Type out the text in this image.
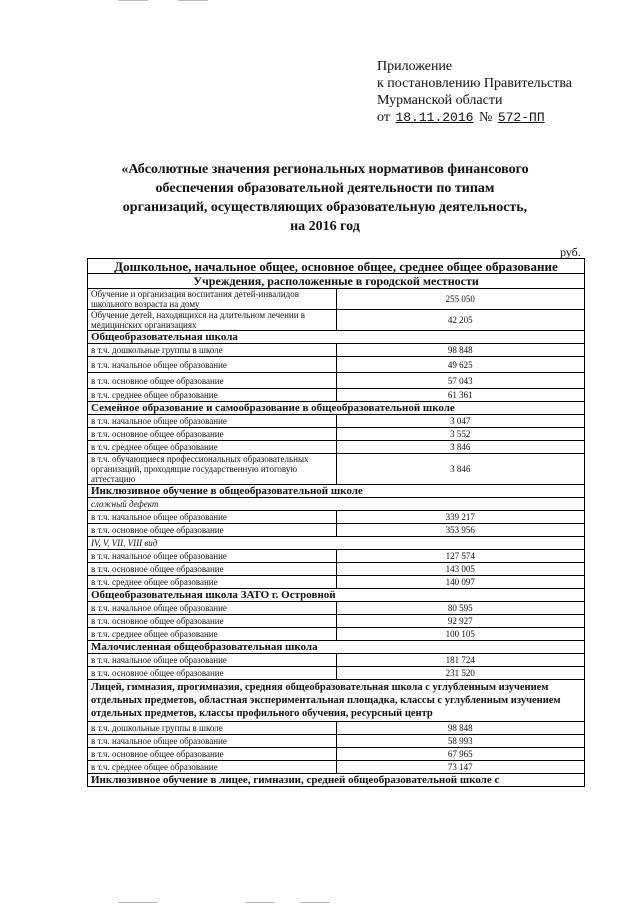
Приложение
к постановлению Правительства
Мурманской области
от 18.11.2016 № 572-ПП
«Абсолютные значения региональных нормативов финансового
обеспечения образовательной деятельности по типам
организаций, осуществляющих образовательную деятельность,
на 2016 год
руб.
Дошкольное, начальное общее, основное общее, среднее общее образование	
Учреждения, расположенные в городской местности	
Обучение и организация воспитания детей-инвалидов школьного возраста на дому	255 050
Обучение детей, находящихся на длительном лечении в медицинских организациях	42 205
Общеобразовательная школа	
в т.ч. дошкольные группы в школе	98 848
в т.ч. начальное общее образование	49 625
в т.ч. основное общее образование	57 043
в т.ч. среднее общее образование	61 361
Семейное образование и самообразование в общеобразовательной школе	
в т.ч. начальное общее образование	3 047
в т.ч. основное общее образование	3 552
в т.ч. среднее общее образование	3 846
в т.ч. обучающиеся профессиональных образовательных организаций, проходящие государственную итоговую аттестацию	3 846
Инклюзивное обучение в общеобразовательной школе	
сложный дефект	
в т.ч. начальное общее образование	339 217
в т.ч. основное общее образование	353 956
IV, V, VII, VIII вид	
в т.ч. начальное общее образование	127 574
в т.ч. основное общее образование	143 005
в т.ч. среднее общее образование	140 097
Общеобразовательная школа ЗАТО г. Островной	
в т.ч. начальное общее образование	80 595
в т.ч. основное общее образование	92 927
в т.ч. среднее общее образование	100 105
Малочисленная общеобразовательная школа	
в т.ч. начальное общее образование	181 724
в т.ч. основное общее образование	231 520
Лицей, гимназия, прогимназия, средняя общеобразовательная школа с углубленным изучением отдельных предметов, областная экспериментальная площадка, классы с углубленным изучением отдельных предметов, классы профильного обучения, ресурсный центр	
в т.ч. дошкольные группы в школе	98 848
в т.ч. начальное общее образование	58 993
в т.ч. основное общее образование	67 965
в т.ч. среднее общее образование	73 147
Инклюзивное обучение в лицее, гимназии, средней общеобразовательной школе с	
